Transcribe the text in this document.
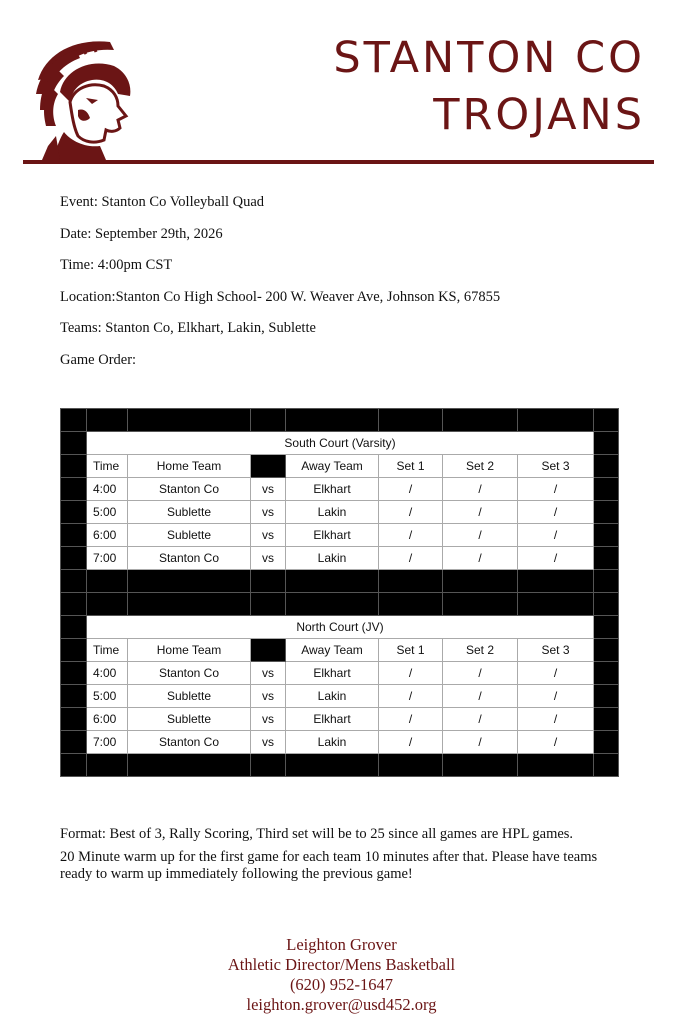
STANTON CO
TROJANS
Event: Stanton Co Volleyball Quad
Date: September 29th, 2026
Time: 4:00pm CST
Location:Stanton Co High School- 200 W. Weaver Ave, Johnson KS, 67855
Teams: Stanton Co, Elkhart, Lakin, Sublette
Game Order:

	South Court (Varsity)							
	Time	Home Team		Away Team	Set 1	Set 2	Set 3	
	4:00	Stanton Co	vs	Elkhart	/	/	/	
	5:00	Sublette	vs	Lakin	/	/	/	
	6:00	Sublette	vs	Elkhart	/	/	/	
	7:00	Stanton Co	vs	Lakin	/	/	/	

	North Court (JV)							
	Time	Home Team		Away Team	Set 1	Set 2	Set 3	
	4:00	Stanton Co	vs	Elkhart	/	/	/	
	5:00	Sublette	vs	Lakin	/	/	/	
	6:00	Sublette	vs	Elkhart	/	/	/	
	7:00	Stanton Co	vs	Lakin	/	/	/	

Format: Best of 3, Rally Scoring, Third set will be to 25 since all games are HPL games.

20 Minute warm up for the first game for each team 10 minutes after that. Please have teams ready to warm up immediately following the previous game!

Leighton Grover
Athletic Director/Mens Basketball
(620) 952-1647
leighton.grover@usd452.org
